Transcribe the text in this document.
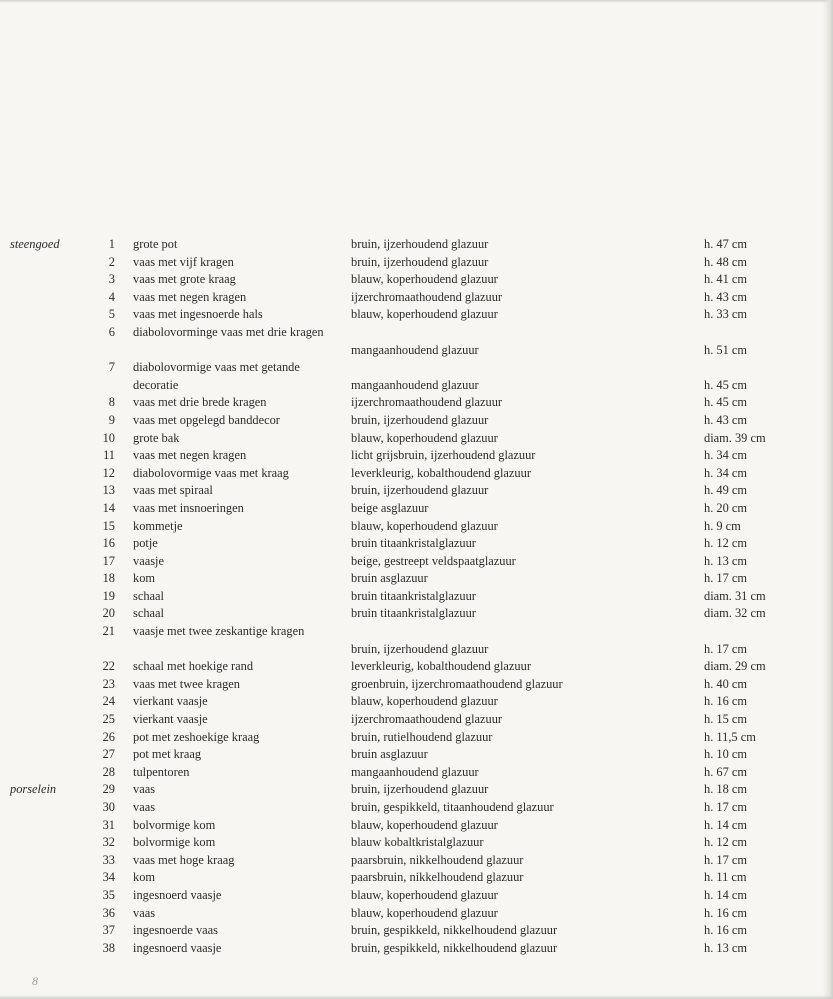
steengoed	1 grote pot	bruin, ijzerhoudend glazuur	h. 47 cm
2 vaas met vijf kragen	bruin, ijzerhoudend glazuur	h. 48 cm
3 vaas met grote kraag	blauw, koperhoudend glazuur	h. 41 cm
4 vaas met negen kragen	ijzerchromaathoudend glazuur	h. 43 cm
5 vaas met ingesnoerde hals	blauw, koperhoudend glazuur	h. 33 cm
6 diabolovorminge vaas met drie kragen
mangaanhoudend glazuur	h. 51 cm
7 diabolovormige vaas met getande decoratie	mangaanhoudend glazuur	h. 45 cm
8 vaas met drie brede kragen	ijzerchromaathoudend glazuur	h. 45 cm
9 vaas met opgelegd banddecor	bruin, ijzerhoudend glazuur	h. 43 cm
10 grote bak	blauw, koperhoudend glazuur	diam. 39 cm
11 vaas met negen kragen	licht grijsbruin, ijzerhoudend glazuur	h. 34 cm
12 diabolovormige vaas met kraag	leverkleurig, kobalthoudend glazuur	h. 34 cm
13 vaas met spiraal	bruin, ijzerhoudend glazuur	h. 49 cm
14 vaas met insnoeringen	beige asglazuur	h. 20 cm
15 kommetje	blauw, koperhoudend glazuur	h. 9 cm
16 potje	bruin titaankristalglazuur	h. 12 cm
17 vaasje	beige, gestreept veldspaatglazuur	h. 13 cm
18 kom	bruin asglazuur	h. 17 cm
19 schaal	bruin titaankristalglazuur	diam. 31 cm
20 schaal	bruin titaankristalglazuur	diam. 32 cm
21 vaasje met twee zeskantige kragen
bruin, ijzerhoudend glazuur	h. 17 cm
22 schaal met hoekige rand	leverkleurig, kobalthoudend glazuur	diam. 29 cm
23 vaas met twee kragen	groenbruin, ijzerchromaathoudend glazuur	h. 40 cm
24 vierkant vaasje	blauw, koperhoudend glazuur	h. 16 cm
25 vierkant vaasje	ijzerchromaathoudend glazuur	h. 15 cm
26 pot met zeshoekige kraag	bruin, rutielhoudend glazuur	h. 11,5 cm
27 pot met kraag	bruin asglazuur	h. 10 cm
28 tulpentoren	mangaanhoudend glazuur	h. 67 cm
porselein	29 vaas	bruin, ijzerhoudend glazuur	h. 18 cm
30 vaas	bruin, gespikkeld, titaanhoudend glazuur	h. 17 cm
31 bolvormige kom	blauw, koperhoudend glazuur	h. 14 cm
32 bolvormige kom	blauw kobaltkristalglazuur	h. 12 cm
33 vaas met hoge kraag	paarsbruin, nikkelhoudend glazuur	h. 17 cm
34 kom	paarsbruin, nikkelhoudend glazuur	h. 11 cm
35 ingesnoerd vaasje	blauw, koperhoudend glazuur	h. 14 cm
36 vaas	blauw, koperhoudend glazuur	h. 16 cm
37 ingesnoerde vaas	bruin, gespikkeld, nikkelhoudend glazuur	h. 16 cm
38 ingesnoerd vaasje	bruin, gespikkeld, nikkelhoudend glazuur	h. 13 cm
8
